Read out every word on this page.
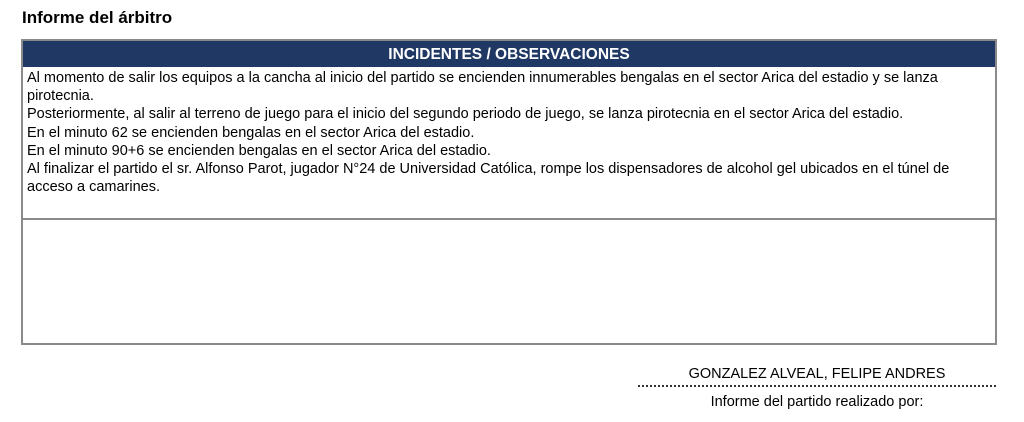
Informe del árbitro
INCIDENTES / OBSERVACIONES

Al momento de salir los equipos a la cancha al inicio del partido se encienden innumerables bengalas en el sector Arica del estadio y se lanza pirotecnia.

Posteriormente, al salir al terreno de juego para el inicio del segundo periodo de juego, se lanza pirotecnia en el sector Arica del estadio.

En el minuto 62 se encienden bengalas en el sector Arica del estadio.

En el minuto 90+6 se encienden bengalas en el sector Arica del estadio.

Al finalizar el partido el sr. Alfonso Parot, jugador N°24 de Universidad Católica, rompe los dispensadores de alcohol gel ubicados en el túnel de acceso a camarines.

GONZALEZ ALVEAL, FELIPE ANDRES
Informe del partido realizado por:
